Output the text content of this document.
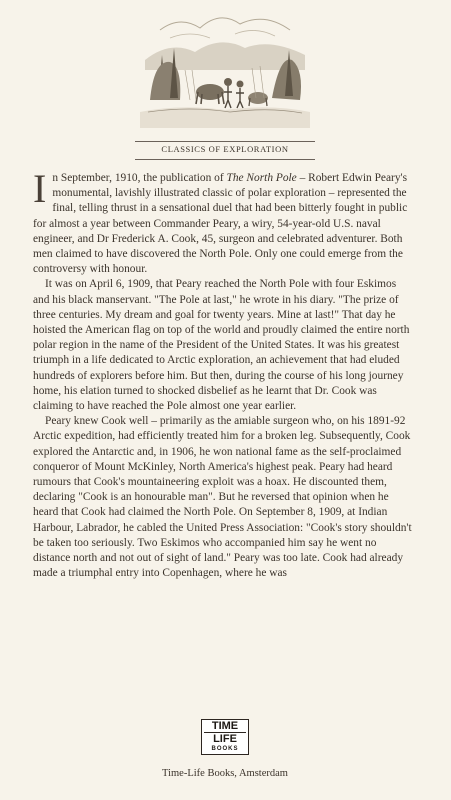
CLASSICS OF EXPLORATION

In September, 1910, the publication of The North Pole – Robert Edwin Peary's monumental, lavishly illustrated classic of polar exploration – represented the final, telling thrust in a sensational duel that had been bitterly fought in public for almost a year between Commander Peary, a wiry, 54-year-old U.S. naval engineer, and Dr Frederick A. Cook, 45, surgeon and celebrated adventurer. Both men claimed to have discovered the North Pole. Only one could emerge from the controversy with honour.

It was on April 6, 1909, that Peary reached the North Pole with four Eskimos and his black manservant. "The Pole at last," he wrote in his diary. "The prize of three centuries. My dream and goal for twenty years. Mine at last!" That day he hoisted the American flag on top of the world and proudly claimed the entire north polar region in the name of the President of the United States. It was his greatest triumph in a life dedicated to Arctic exploration, an achievement that had eluded hundreds of explorers before him. But then, during the course of his long journey home, his elation turned to shocked disbelief as he learnt that Dr. Cook was claiming to have reached the Pole almost one year earlier.

Peary knew Cook well – primarily as the amiable surgeon who, on his 1891-92 Arctic expedition, had efficiently treated him for a broken leg. Subsequently, Cook explored the Antarctic and, in 1906, he won national fame as the self-proclaimed conqueror of Mount McKinley, North America's highest peak. Peary had heard rumours that Cook's mountaineering exploit was a hoax. He discounted them, declaring "Cook is an honourable man". But he reversed that opinion when he heard that Cook had claimed the North Pole. On September 8, 1909, at Indian Harbour, Labrador, he cabled the United Press Association: "Cook's story shouldn't be taken too seriously. Two Eskimos who accompanied him say he went no distance north and not out of sight of land." Peary was too late. Cook had already made a triumphal entry into Copenhagen, where he was

TIME
LIFE
BOOKS
Time-Life Books, Amsterdam
